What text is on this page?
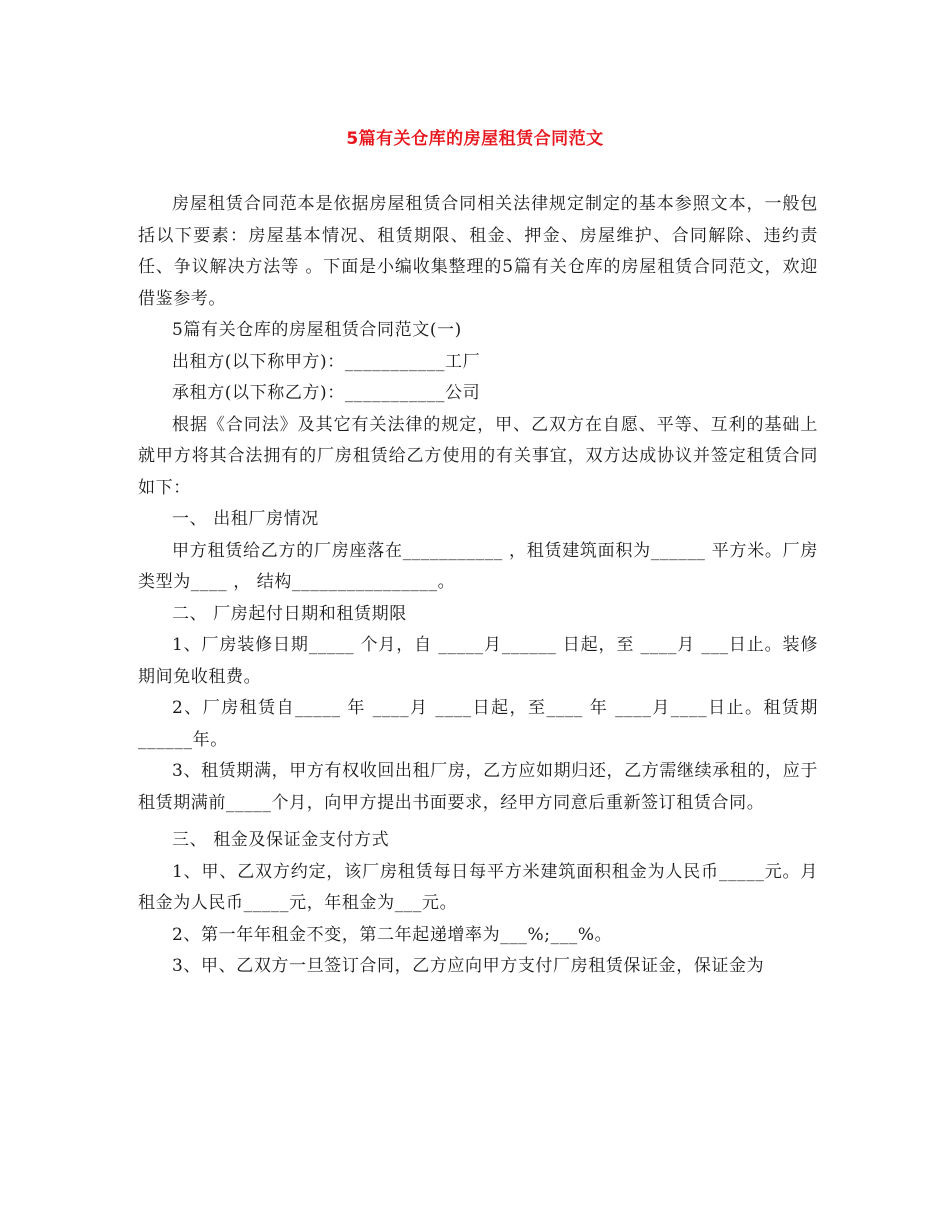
5篇有关仓库的房屋租赁合同范文

房屋租赁合同范本是依据房屋租赁合同相关法律规定制定的基本参照文本，一般包括以下要素：房屋基本情况、租赁期限、租金、押金、房屋维护、合同解除、违约责任、争议解决方法等 。下面是小编收集整理的5篇有关仓库的房屋租赁合同范文，欢迎借鉴参考。

5篇有关仓库的房屋租赁合同范文(一)

出租方(以下称甲方)：___________工厂

承租方(以下称乙方)：___________公司

根据《合同法》及其它有关法律的规定，甲、乙双方在自愿、平等、互利的基础上就甲方将其合法拥有的厂房租赁给乙方使用的有关事宜，双方达成协议并签定租赁合同如下：

一、 出租厂房情况

甲方租赁给乙方的厂房座落在___________ ，租赁建筑面积为______ 平方米。厂房类型为____ ， 结构________________。

二、 厂房起付日期和租赁期限

1、厂房装修日期_____ 个月，自 _____月______ 日起，至 ____月 ___日止。装修期间免收租费。

2、厂房租赁自_____ 年 ____月 ____日起，至____ 年 ____月____日止。租赁期______年。

3、租赁期满，甲方有权收回出租厂房，乙方应如期归还，乙方需继续承租的，应于租赁期满前_____个月，向甲方提出书面要求，经甲方同意后重新签订租赁合同。

三、 租金及保证金支付方式

1、甲、乙双方约定，该厂房租赁每日每平方米建筑面积租金为人民币_____元。月租金为人民币_____元，年租金为___元。

2、第一年年租金不变，第二年起递增率为___%;___%。

3、甲、乙双方一旦签订合同，乙方应向甲方支付厂房租赁保证金，保证金为
